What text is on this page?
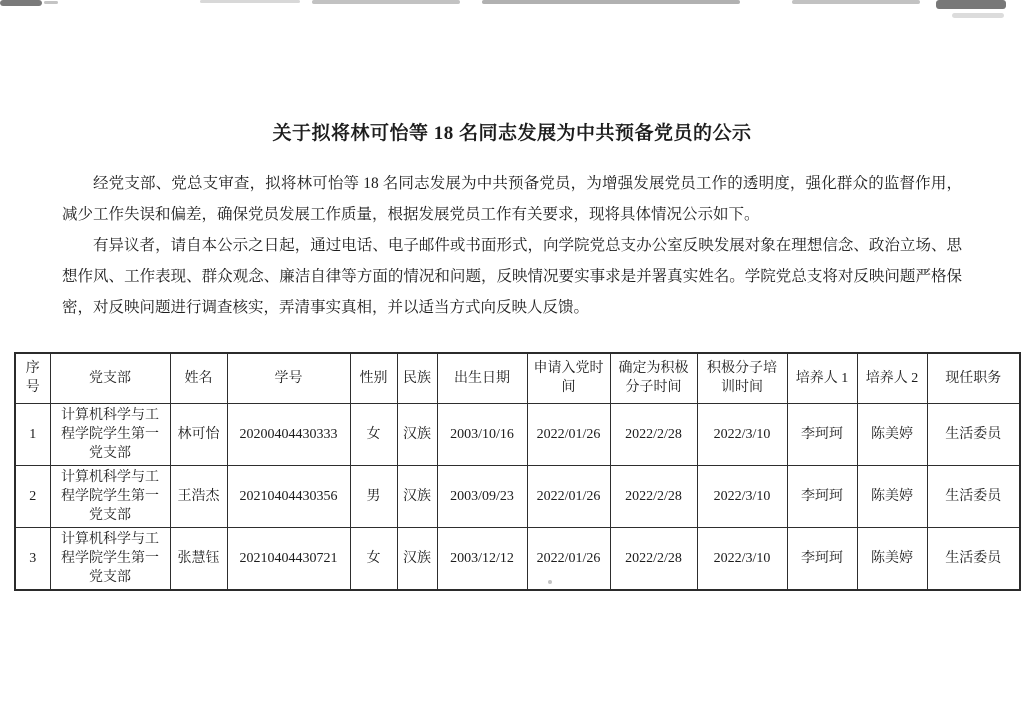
关于拟将林可怡等 18 名同志发展为中共预备党员的公示

经党支部、党总支审查，拟将林可怡等 18 名同志发展为中共预备党员，为增强发展党员工作的透明度，强化群众的监督作用，减少工作失误和偏差，确保党员发展工作质量，根据发展党员工作有关要求，现将具体情况公示如下。

有异议者，请自本公示之日起，通过电话、电子邮件或书面形式，向学院党总支办公室反映发展对象在理想信念、政治立场、思想作风、工作表现、群众观念、廉洁自律等方面的情况和问题，反映情况要实事求是并署真实姓名。学院党总支将对反映问题严格保密，对反映问题进行调查核实，弄清事实真相，并以适当方式向反映人反馈。

序号	党支部	姓名	学号	性别	民族	出生日期	申请入党时间	确定为积极分子时间	积极分子培训时间	培养人 1	培养人 2	现任职务
1	计算机科学与工程学院学生第一党支部	林可怡	20200404430333	女	汉族	2003/10/16	2022/01/26	2022/2/28	2022/3/10	李珂珂	陈美婷	生活委员
2	计算机科学与工程学院学生第一党支部	王浩杰	20210404430356	男	汉族	2003/09/23	2022/01/26	2022/2/28	2022/3/10	李珂珂	陈美婷	生活委员
3	计算机科学与工程学院学生第一党支部	张慧钰	20210404430721	女	汉族	2003/12/12	2022/01/26	2022/2/28	2022/3/10	李珂珂	陈美婷	生活委员
